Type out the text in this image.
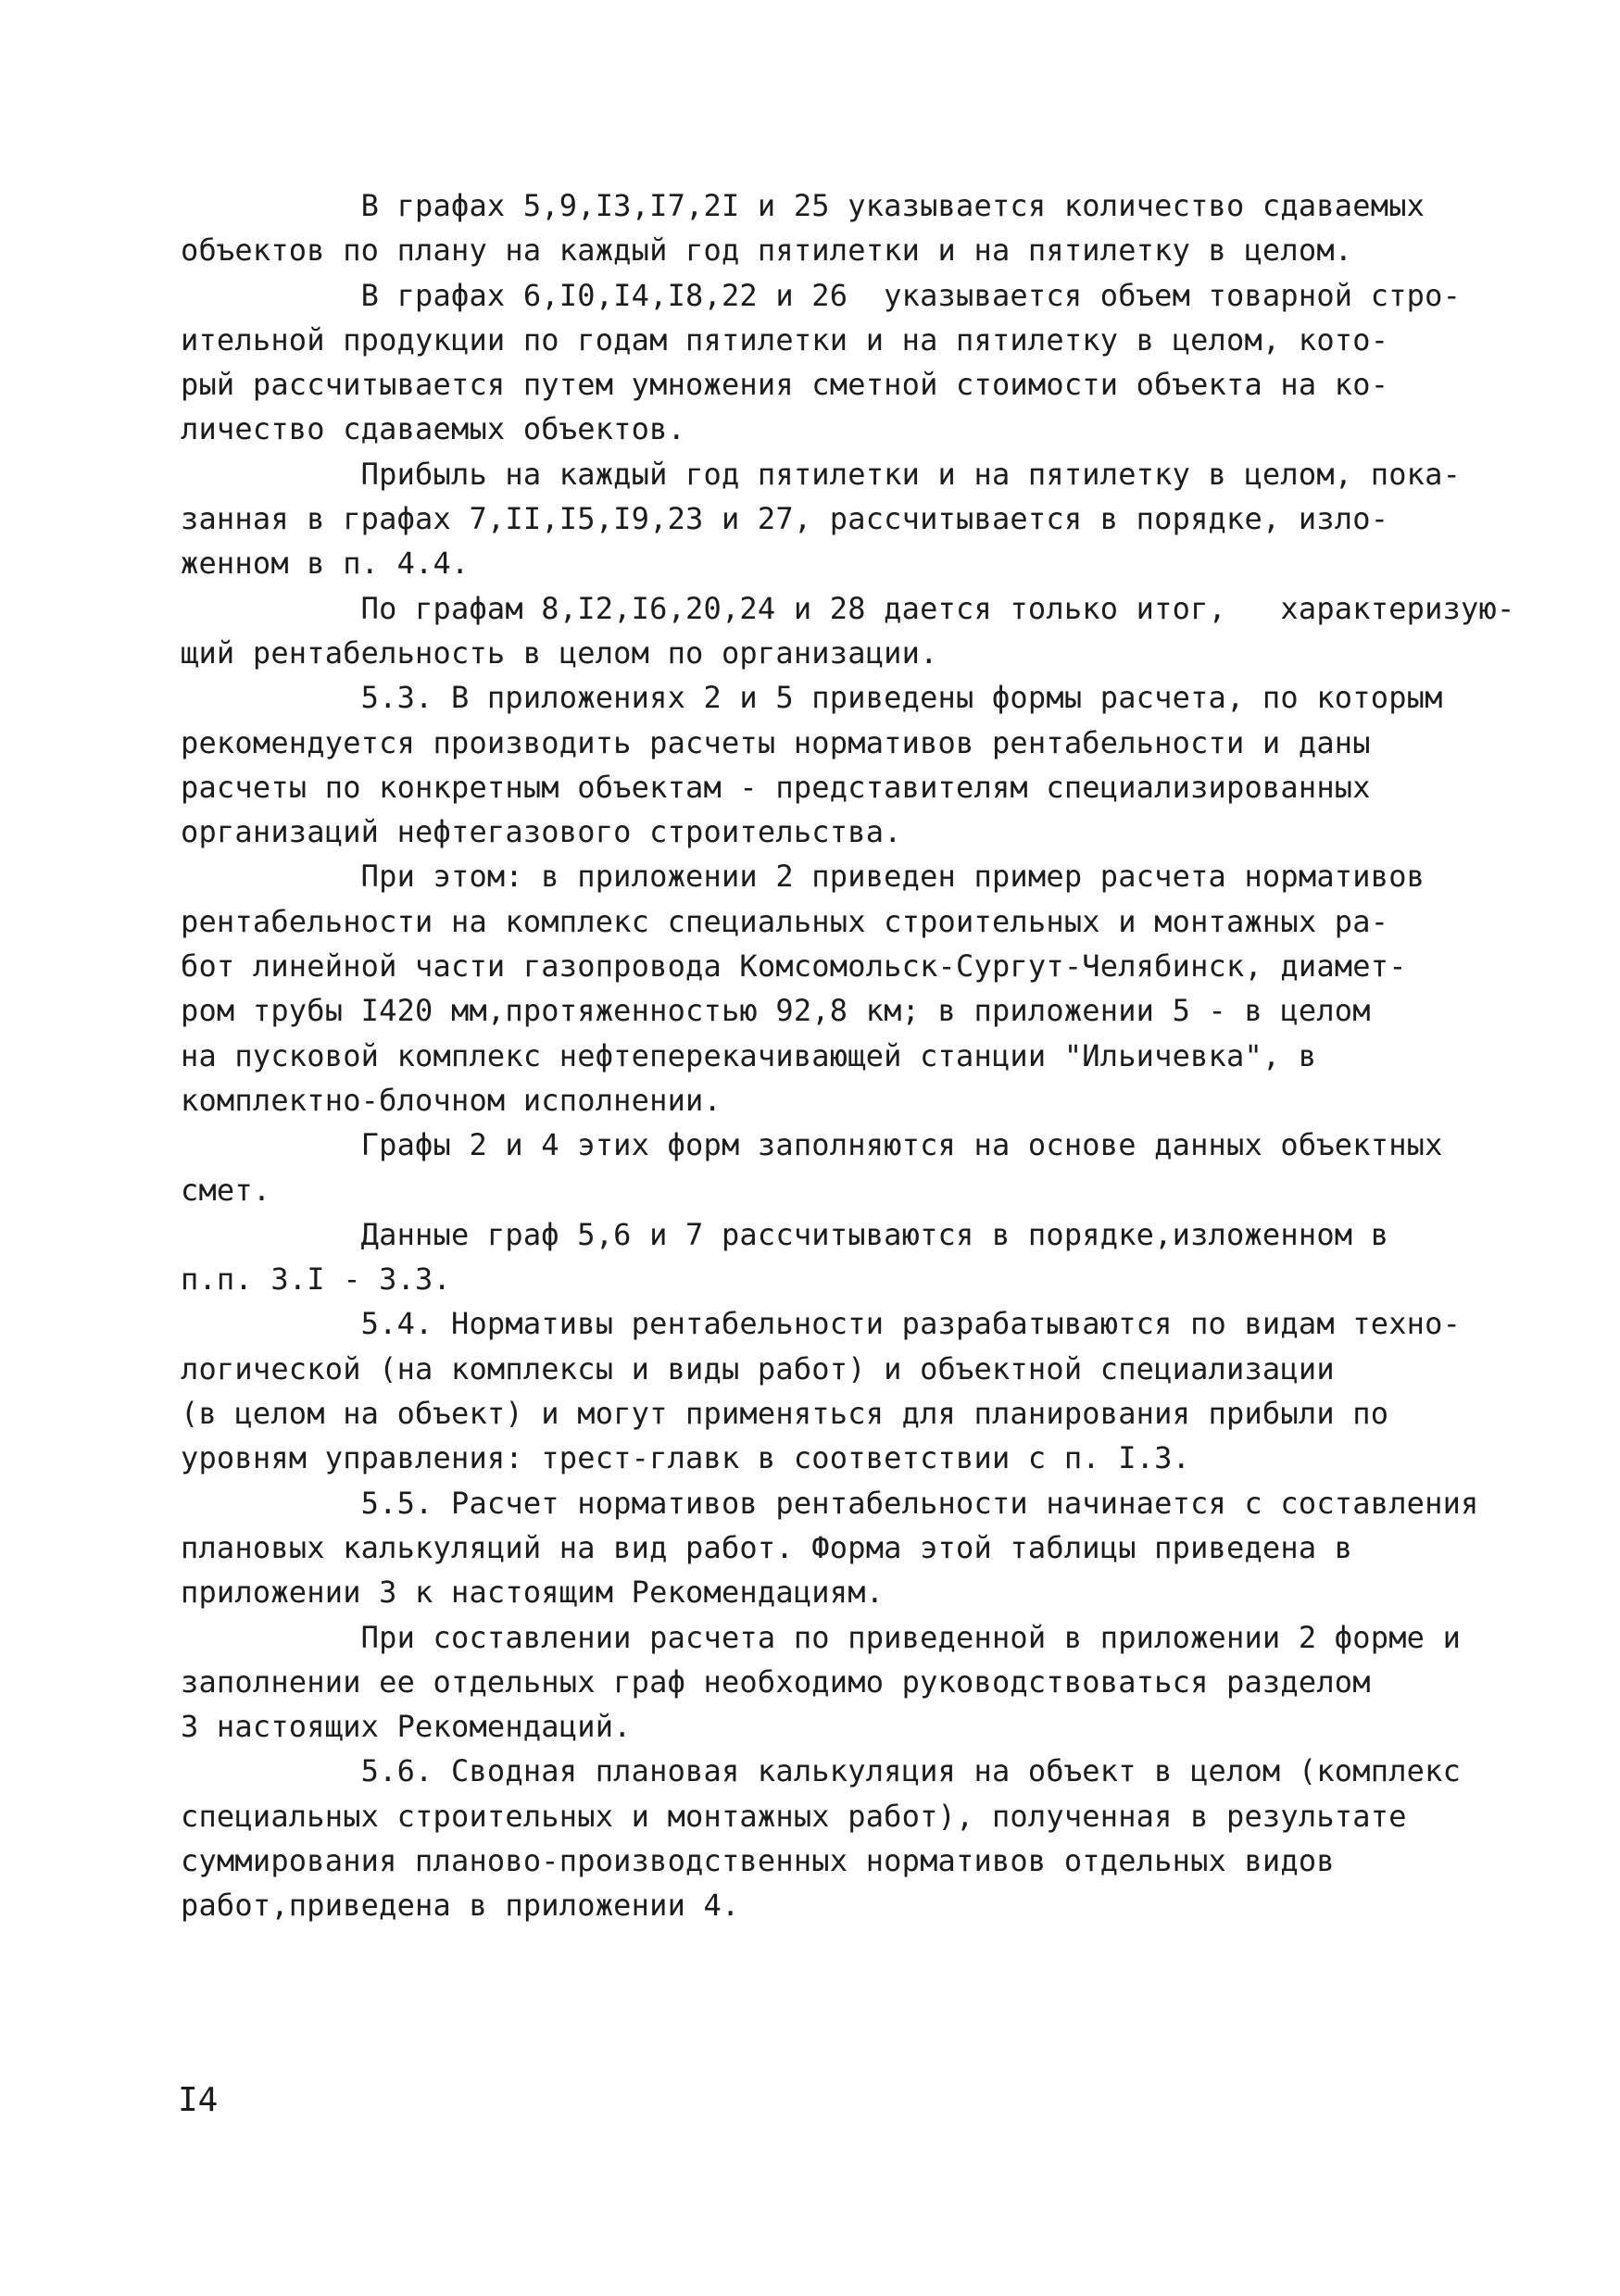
В графах 5,9,I3,I7,2I и 25 указывается количество сдаваемых
объектов по плану на каждый год пятилетки и на пятилетку в целом.
В графах 6,I0,I4,I8,22 и 26  указывается объем товарной стро-
ительной продукции по годам пятилетки и на пятилетку в целом, кото-
рый рассчитывается путем умножения сметной стоимости объекта на ко-
личество сдаваемых объектов.
Прибыль на каждый год пятилетки и на пятилетку в целом, пока-
занная в графах 7,II,I5,I9,23 и 27, рассчитывается в порядке, изло-
женном в п. 4.4.
По графам 8,I2,I6,20,24 и 28 дается только итог,   характеризую-
щий рентабельность в целом по организации.
5.3. В приложениях 2 и 5 приведены формы расчета, по которым
рекомендуется производить расчеты нормативов рентабельности и даны
расчеты по конкретным объектам - представителям специализированных
организаций нефтегазового строительства.
При этом: в приложении 2 приведен пример расчета нормативов
рентабельности на комплекс специальных строительных и монтажных ра-
бот линейной части газопровода Комсомольск-Сургут-Челябинск, диамет-
ром трубы I420 мм,протяженностью 92,8 км; в приложении 5 - в целом
на пусковой комплекс нефтеперекачивающей станции "Ильичевка", в
комплектно-блочном исполнении.
Графы 2 и 4 этих форм заполняются на основе данных объектных
смет.
Данные граф 5,6 и 7 рассчитываются в порядке,изложенном в
п.п. 3.I - 3.3.
5.4. Нормативы рентабельности разрабатываются по видам техно-
логической (на комплексы и виды работ) и объектной специализации
(в целом на объект) и могут применяться для планирования прибыли по
уровням управления: трест-главк в соответствии с п. I.3.
5.5. Расчет нормативов рентабельности начинается с составления
плановых калькуляций на вид работ. Форма этой таблицы приведена в
приложении 3 к настоящим Рекомендациям.
При составлении расчета по приведенной в приложении 2 форме и
заполнении ее отдельных граф необходимо руководствоваться разделом
3 настоящих Рекомендаций.
5.6. Сводная плановая калькуляция на объект в целом (комплекс
специальных строительных и монтажных работ), полученная в результате
суммирования планово-производственных нормативов отдельных видов
работ,приведена в приложении 4.
I4
